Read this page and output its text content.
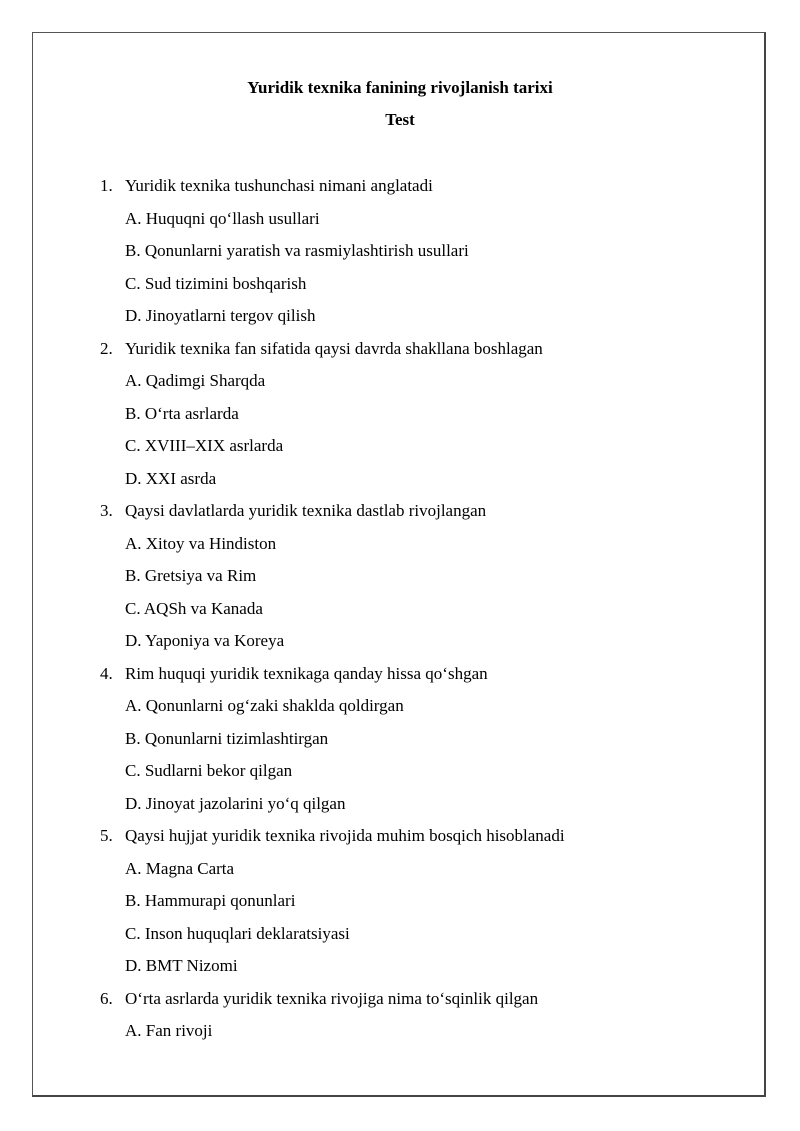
Yuridik texnika fanining rivojlanish tarixi
Test
1. Yuridik texnika tushunchasi nimani anglatadi
A. Huquqni qo‘llash usullari
B. Qonunlarni yaratish va rasmiylashtirish usullari
C. Sud tizimini boshqarish
D. Jinoyatlarni tergov qilish
2. Yuridik texnika fan sifatida qaysi davrda shakllana boshlagan
A. Qadimgi Sharqda
B. O‘rta asrlarda
C. XVIII–XIX asrlarda
D. XXI asrda
3. Qaysi davlatlarda yuridik texnika dastlab rivojlangan
A. Xitoy va Hindiston
B. Gretsiya va Rim
C. AQSh va Kanada
D. Yaponiya va Koreya
4. Rim huquqi yuridik texnikaga qanday hissa qo‘shgan
A. Qonunlarni og‘zaki shaklda qoldirgan
B. Qonunlarni tizimlashtirgan
C. Sudlarni bekor qilgan
D. Jinoyat jazolarini yo‘q qilgan
5. Qaysi hujjat yuridik texnika rivojida muhim bosqich hisoblanadi
A. Magna Carta
B. Hammurapi qonunlari
C. Inson huquqlari deklaratsiyasi
D. BMT Nizomi
6. O‘rta asrlarda yuridik texnika rivojiga nima to‘sqinlik qilgan
A. Fan rivoji
